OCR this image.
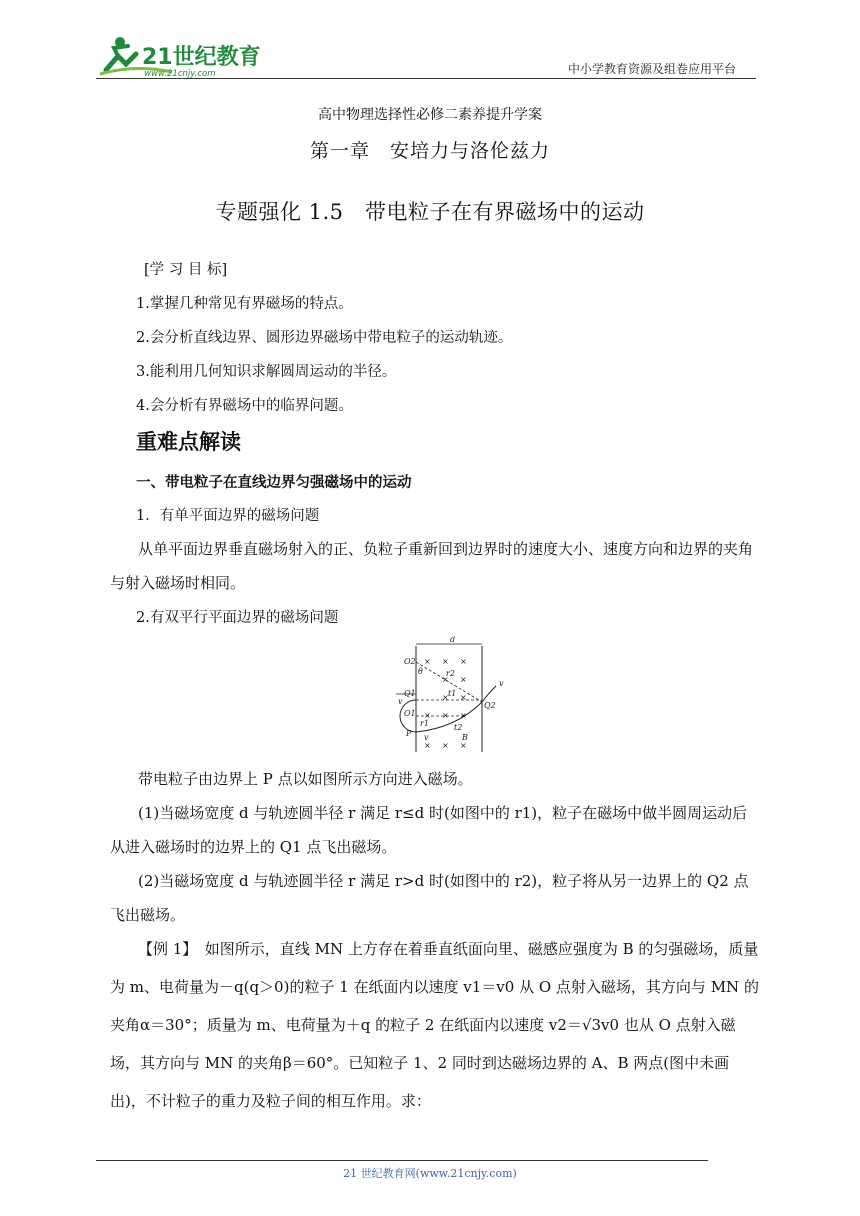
21世纪教育
www.21cnjy.com	中小学教育资源及组卷应用平台
高中物理选择性必修二素养提升学案
第一章　安培力与洛伦兹力
专题强化 1.5　带电粒子在有界磁场中的运动
[学 习 目 标]
1.掌握几种常见有界磁场的特点。
2.会分析直线边界、圆形边界磁场中带电粒子的运动轨迹。
3.能利用几何知识求解圆周运动的半径。
4.会分析有界磁场中的临界问题。
重难点解读
一、带电粒子在直线边界匀强磁场中的运动
1．有单平面边界的磁场问题
从单平面边界垂直磁场射入的正、负粒子重新回到边界时的速度大小、速度方向和边界的夹角与射入磁场时相同。
2.有双平行平面边界的磁场问题
× × ×
× ×
× ×
× × ×
× × ×
d
O2
θ	r2
v
Q1	t1
O1
r1
Q2
P
t2
B
v
v
带电粒子由边界上 P 点以如图所示方向进入磁场。
(1)当磁场宽度 d 与轨迹圆半径 r 满足 r≤d 时(如图中的 r1)，粒子在磁场中做半圆周运动后从进入磁场时的边界上的 Q1 点飞出磁场。
(2)当磁场宽度 d 与轨迹圆半径 r 满足 r>d 时(如图中的 r2)，粒子将从另一边界上的 Q2 点飞出磁场。
【例 1】　如图所示，直线 MN 上方存在着垂直纸面向里、磁感应强度为 B 的匀强磁场，质量为 m、电荷量为－q(q＞0)的粒子 1 在纸面内以速度 v1＝v0 从 O 点射入磁场，其方向与 MN 的夹角α＝30°；质量为 m、电荷量为＋q 的粒子 2 在纸面内以速度 v2＝√3v0 也从 O 点射入磁场，其方向与 MN 的夹角β＝60°。已知粒子 1、2 同时到达磁场边界的 A、B 两点(图中未画出)，不计粒子的重力及粒子间的相互作用。求：
21 世纪教育网(www.21cnjy.com)
